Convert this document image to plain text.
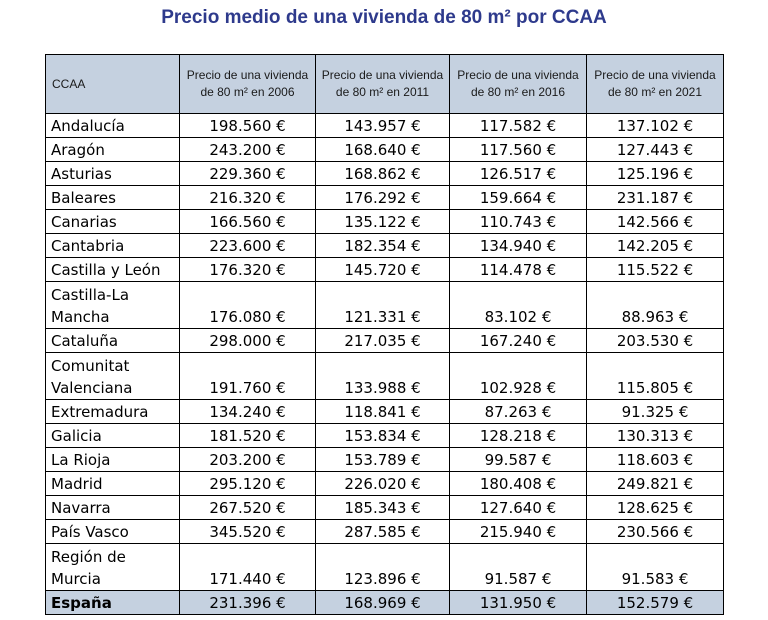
Precio medio de una vivienda de 80 m² por CCAA
CCAA	Precio de una vivienda de 80 m² en 2006	Precio de una vivienda de 80 m² en 2011	Precio de una vivienda de 80 m² en 2016	Precio de una vivienda de 80 m² en 2021
Andalucía	198.560 €	143.957 €	117.582 €	137.102 €
Aragón	243.200 €	168.640 €	117.560 €	127.443 €
Asturias	229.360 €	168.862 €	126.517 €	125.196 €
Baleares	216.320 €	176.292 €	159.664 €	231.187 €
Canarias	166.560 €	135.122 €	110.743 €	142.566 €
Cantabria	223.600 €	182.354 €	134.940 €	142.205 €
Castilla y León	176.320 €	145.720 €	114.478 €	115.522 €
Castilla-La Mancha	176.080 €	121.331 €	83.102 €	88.963 €
Cataluña	298.000 €	217.035 €	167.240 €	203.530 €
Comunitat Valenciana	191.760 €	133.988 €	102.928 €	115.805 €
Extremadura	134.240 €	118.841 €	87.263 €	91.325 €
Galicia	181.520 €	153.834 €	128.218 €	130.313 €
La Rioja	203.200 €	153.789 €	99.587 €	118.603 €
Madrid	295.120 €	226.020 €	180.408 €	249.821 €
Navarra	267.520 €	185.343 €	127.640 €	128.625 €
País Vasco	345.520 €	287.585 €	215.940 €	230.566 €
Región de Murcia	171.440 €	123.896 €	91.587 €	91.583 €
España	231.396 €	168.969 €	131.950 €	152.579 €
